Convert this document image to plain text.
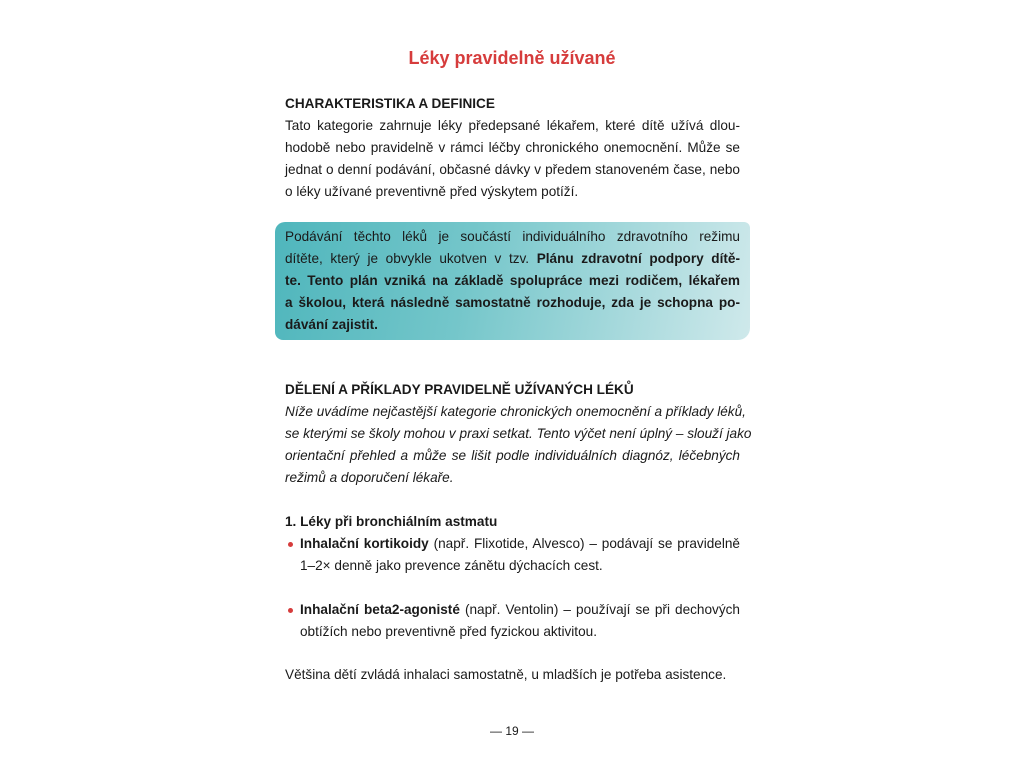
Léky pravidelně užívané
CHARAKTERISTIKA A DEFINICE
Tato kategorie zahrnuje léky předepsané lékařem, které dítě užívá dlou-
hodobě nebo pravidelně v rámci léčby chronického onemocnění. Může se
jednat o denní podávání, občasné dávky v předem stanoveném čase, nebo
o léky užívané preventivně před výskytem potíží.
Podávání těchto léků je součástí individuálního zdravotního režimu
dítěte, který je obvykle ukotven v tzv. Plánu zdravotní podpory dítě-
te. Tento plán vzniká na základě spolupráce mezi rodičem, lékařem
a školou, která následně samostatně rozhoduje, zda je schopna po-
dávání zajistit.
DĚLENÍ A PŘÍKLADY PRAVIDELNĚ UŽÍVANÝCH LÉKŮ
Níže uvádíme nejčastější kategorie chronických onemocnění a příklady léků,
se kterými se školy mohou v praxi setkat. Tento výčet není úplný – slouží jako
orientační přehled a může se lišit podle individuálních diagnóz, léčebných
režimů a doporučení lékaře.
1. Léky při bronchiálním astmatu
Inhalační kortikoidy (např. Flixotide, Alvesco) – podávají se pravidelně
1–2× denně jako prevence zánětu dýchacích cest.
Inhalační beta2-agonisté (např. Ventolin) – používají se při dechových
obtížích nebo preventivně před fyzickou aktivitou.
Většina dětí zvládá inhalaci samostatně, u mladších je potřeba asistence.
— 19 —
